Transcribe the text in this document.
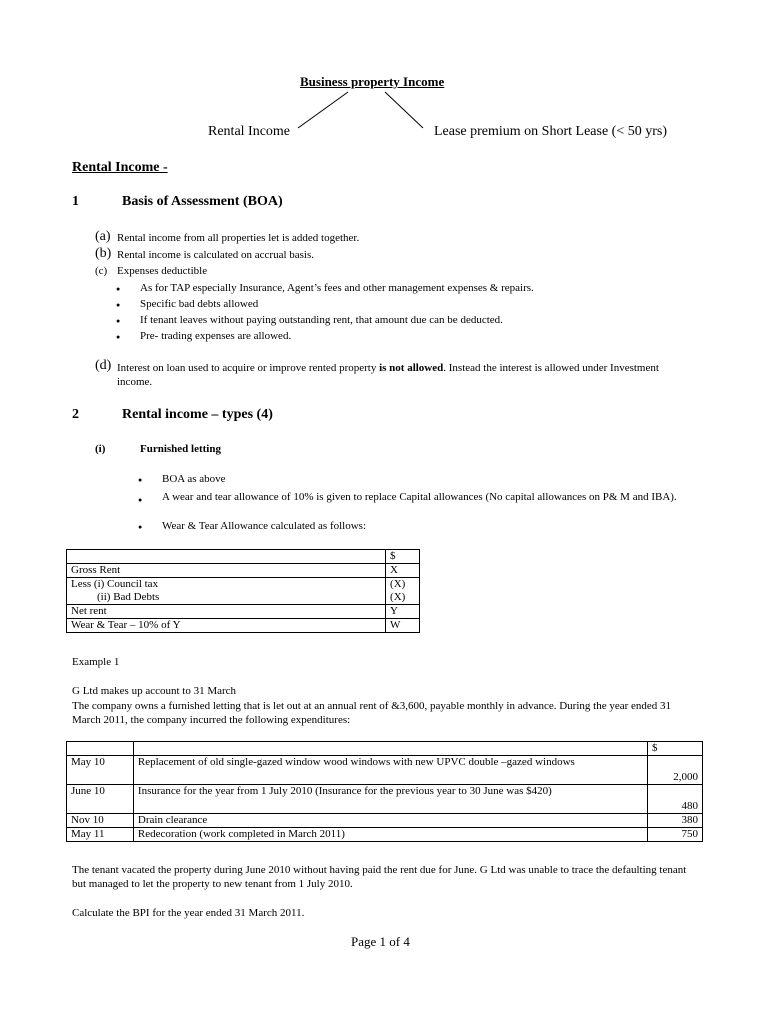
Business property Income
Rental Income	Lease premium on Short Lease (< 50 yrs)
Rental Income -
1	Basis of Assessment (BOA)
(a) Rental income from all properties let is added together.
(b) Rental income is calculated on accrual basis.
(c) Expenses deductible
● As for TAP especially Insurance, Agent’s fees and other management expenses & repairs.
● Specific bad debts allowed
● If tenant leaves without paying outstanding rent, that amount due can be deducted.
● Pre- trading expenses are allowed.
(d) Interest on loan used to acquire or improve rented property is not allowed. Instead the interest is allowed under Investment income.
2	Rental income – types (4)
(i)	Furnished letting
● BOA as above
● A wear and tear allowance of 10% is given to replace Capital allowances (No capital allowances on P& M and IBA).
● Wear & Tear Allowance calculated as follows:
	$
Gross Rent	X
Less (i) Council tax	(X)
(ii) Bad Debts	(X)
Net rent	Y
Wear & Tear – 10% of Y	W
Example 1
G Ltd makes up account to 31 March
The company owns a furnished letting that is let out at an annual rent of &3,600, payable monthly in advance. During the year ended 31 March 2011, the company incurred the following expenditures:
		$
May 10	Replacement of old single-gazed window wood windows with new UPVC double –gazed windows	2,000
June 10	Insurance for the year from 1 July 2010 (Insurance for the previous year to 30 June was $420)	480
Nov 10	Drain clearance	380
May 11	Redecoration (work completed in March 2011)	750
The tenant vacated the property during June 2010 without having paid the rent due for June. G Ltd was unable to trace the defaulting tenant but managed to let the property to new tenant from 1 July 2010.
Calculate the BPI for the year ended 31 March 2011.
Page 1 of 4
